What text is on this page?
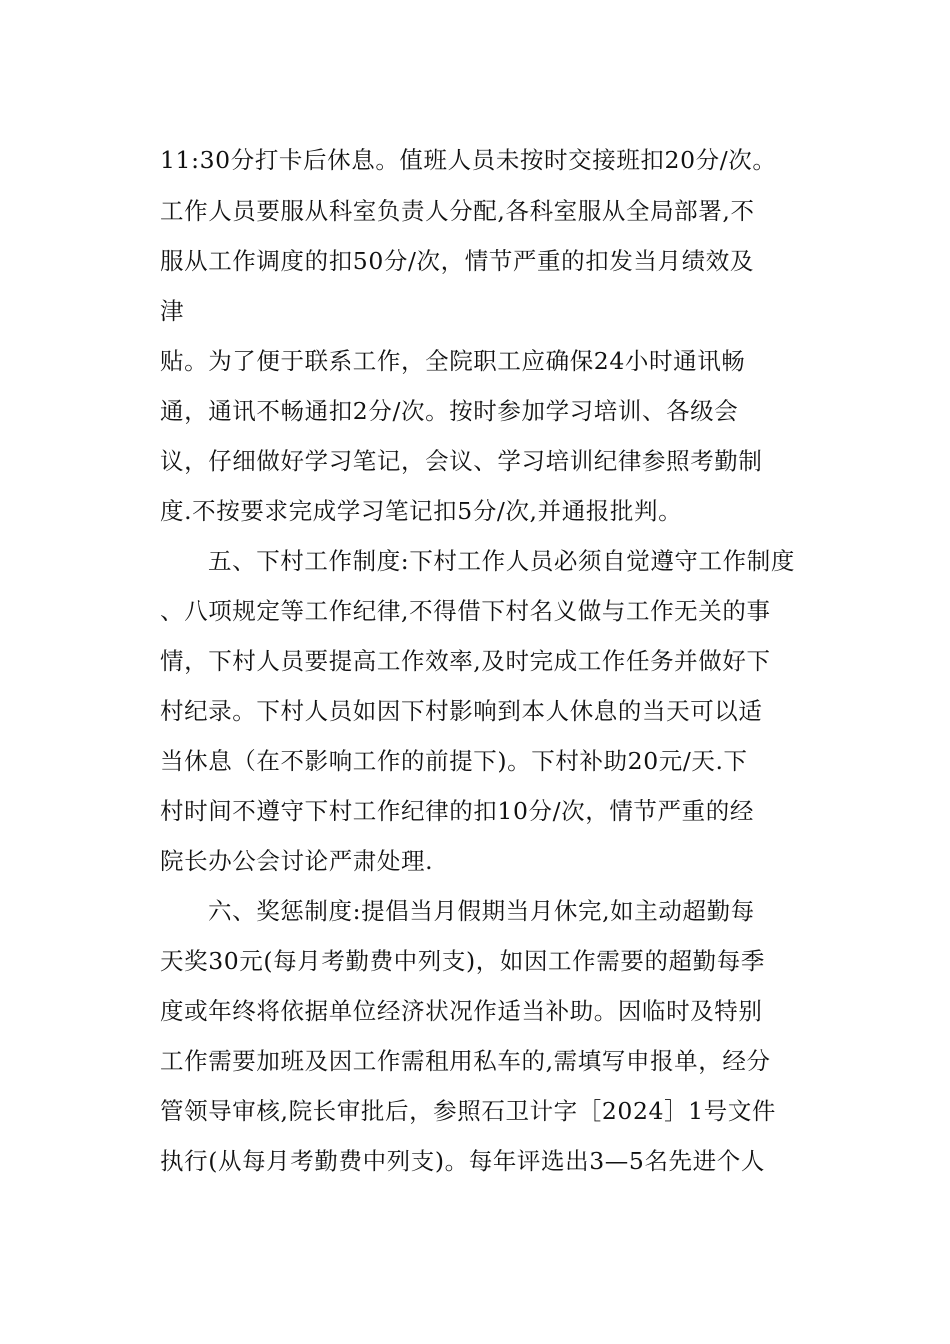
11:30分打卡后休息。值班人员未按时交接班扣20分/次。
工作人员要服从科室负责人分配,各科室服从全局部署,不
服从工作调度的扣50分/次，情节严重的扣发当月绩效及
津
贴。为了便于联系工作，全院职工应确保24小时通讯畅
通，通讯不畅通扣2分/次。按时参加学习培训、各级会
议，仔细做好学习笔记，会议、学习培训纪律参照考勤制
度.不按要求完成学习笔记扣5分/次,并通报批判。
五、下村工作制度:下村工作人员必须自觉遵守工作制度
、八项规定等工作纪律,不得借下村名义做与工作无关的事
情，下村人员要提高工作效率,及时完成工作任务并做好下
村纪录。下村人员如因下村影响到本人休息的当天可以适
当休息（在不影响工作的前提下)。下村补助20元/天.下
村时间不遵守下村工作纪律的扣10分/次，情节严重的经
院长办公会讨论严肃处理.
六、奖惩制度:提倡当月假期当月休完,如主动超勤每
天奖30元(每月考勤费中列支)，如因工作需要的超勤每季
度或年终将依据单位经济状况作适当补助。因临时及特别
工作需要加班及因工作需租用私车的,需填写申报单，经分
管领导审核,院长审批后，参照石卫计字［2024］1号文件
执行(从每月考勤费中列支)。每年评选出3—5名先进个人
